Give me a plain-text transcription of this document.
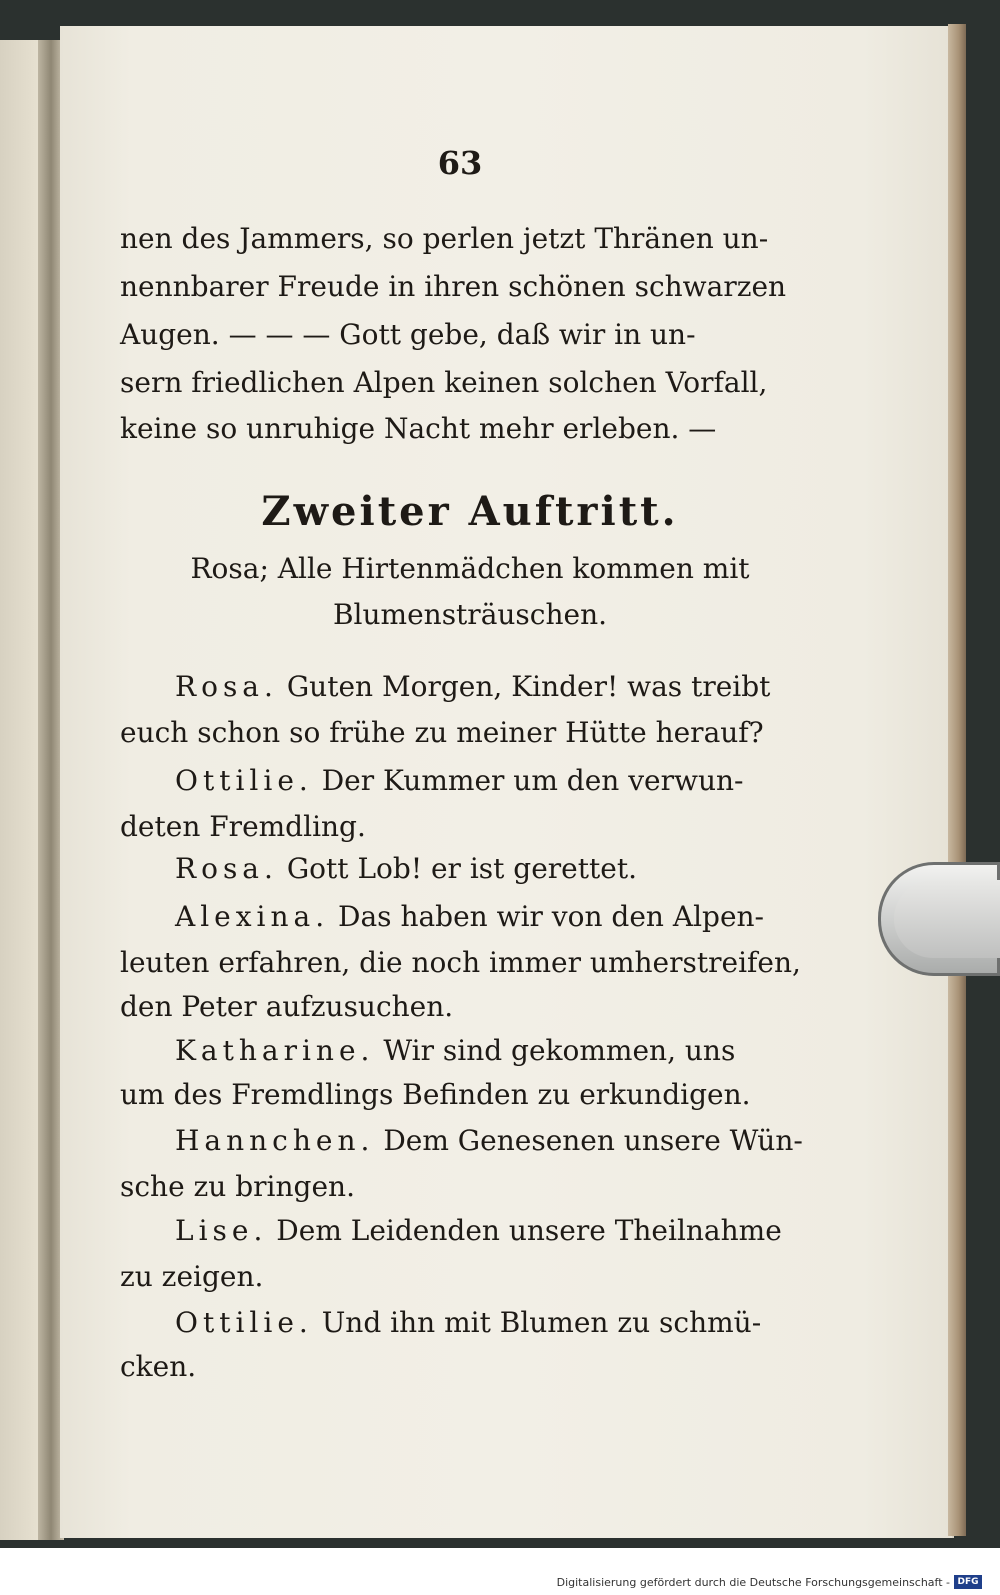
63
nen des Jammers, so perlen jetzt Thränen un-
nennbarer Freude in ihren schönen schwarzen
Augen. — — — Gott gebe, daß wir in un-
sern friedlichen Alpen keinen solchen Vorfall,
keine so unruhige Nacht mehr erleben. —
Zweiter Auftritt.
Rosa; Alle Hirtenmädchen kommen mit
Blumensträuschen.
Rosa. Guten Morgen, Kinder! was treibt
euch schon so frühe zu meiner Hütte herauf?
Ottilie. Der Kummer um den verwun-
deten Fremdling.
Rosa. Gott Lob! er ist gerettet.
Alexina. Das haben wir von den Alpen-
leuten erfahren, die noch immer umherstreifen,
den Peter aufzusuchen.
Katharine. Wir sind gekommen, uns
um des Fremdlings Befinden zu erkundigen.
Hannchen. Dem Genesenen unsere Wün-
sche zu bringen.
Lise. Dem Leidenden unsere Theilnahme
zu zeigen.
Ottilie. Und ihn mit Blumen zu schmü-
cken.
Digitalisierung gefördert durch die Deutsche Forschungsgemeinschaft - DFG
